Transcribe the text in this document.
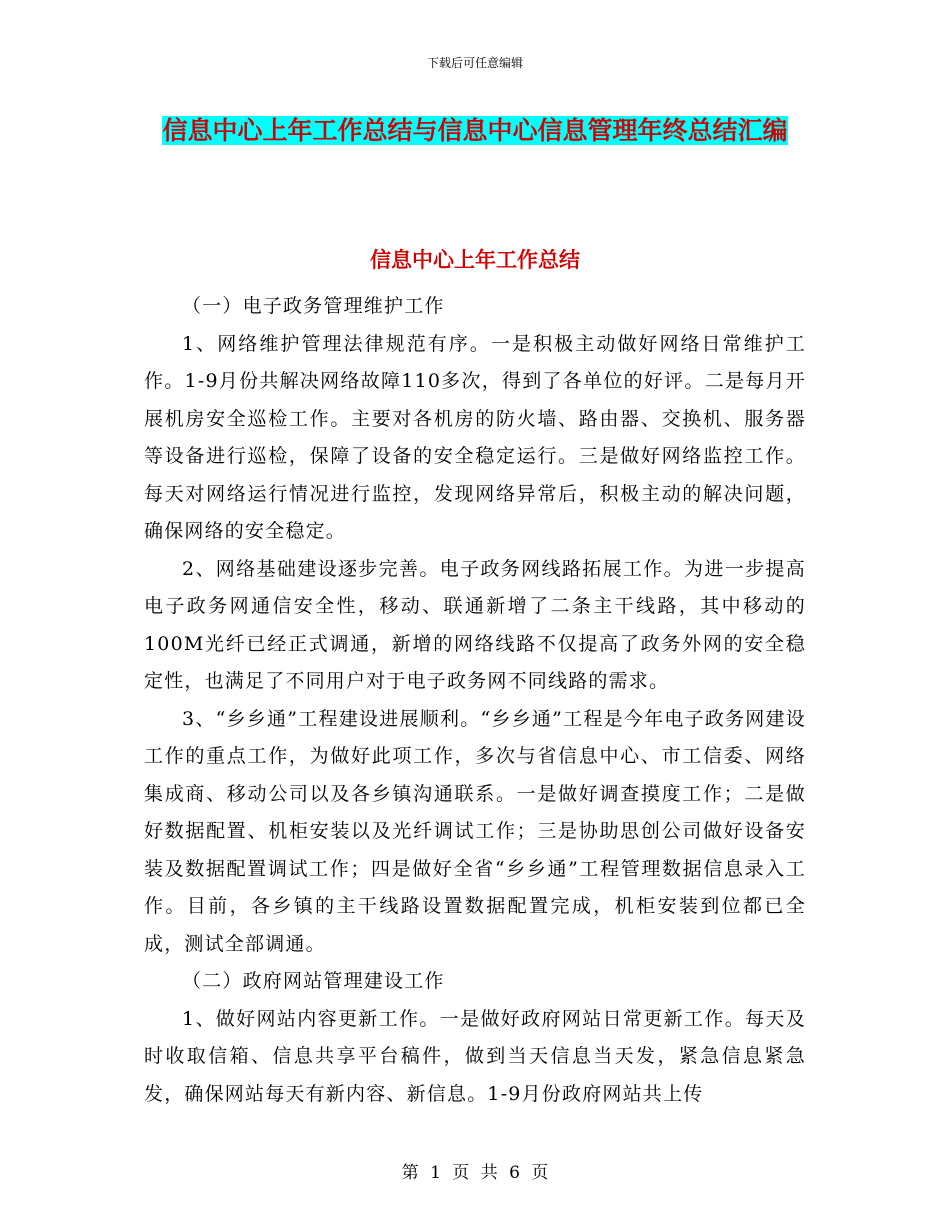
下载后可任意编辑
信息中心上年工作总结与信息中心信息管理年终总结汇编
信息中心上年工作总结

（一）电子政务管理维护工作

1、网络维护管理法律规范有序。一是积极主动做好网络日常维护工作。1-9月份共解决网络故障110多次，得到了各单位的好评。二是每月开展机房安全巡检工作。主要对各机房的防火墙、路由器、交换机、服务器等设备进行巡检，保障了设备的安全稳定运行。三是做好网络监控工作。每天对网络运行情况进行监控，发现网络异常后，积极主动的解决问题，确保网络的安全稳定。

2、网络基础建设逐步完善。电子政务网线路拓展工作。为进一步提高电子政务网通信安全性，移动、联通新增了二条主干线路，其中移动的100M光纤已经正式调通，新增的网络线路不仅提高了政务外网的安全稳定性，也满足了不同用户对于电子政务网不同线路的需求。

3、“乡乡通”工程建设进展顺利。“乡乡通”工程是今年电子政务网建设工作的重点工作，为做好此项工作，多次与省信息中心、市工信委、网络集成商、移动公司以及各乡镇沟通联系。一是做好调查摸度工作；二是做好数据配置、机柜安装以及光纤调试工作；三是协助思创公司做好设备安装及数据配置调试工作；四是做好全省“乡乡通”工程管理数据信息录入工作。目前，各乡镇的主干线路设置数据配置完成，机柜安装到位都已全成，测试全部调通。

（二）政府网站管理建设工作

1、做好网站内容更新工作。一是做好政府网站日常更新工作。每天及时收取信箱、信息共享平台稿件，做到当天信息当天发，紧急信息紧急发，确保网站每天有新内容、新信息。1-9月份政府网站共上传

第 1 页 共 6 页
